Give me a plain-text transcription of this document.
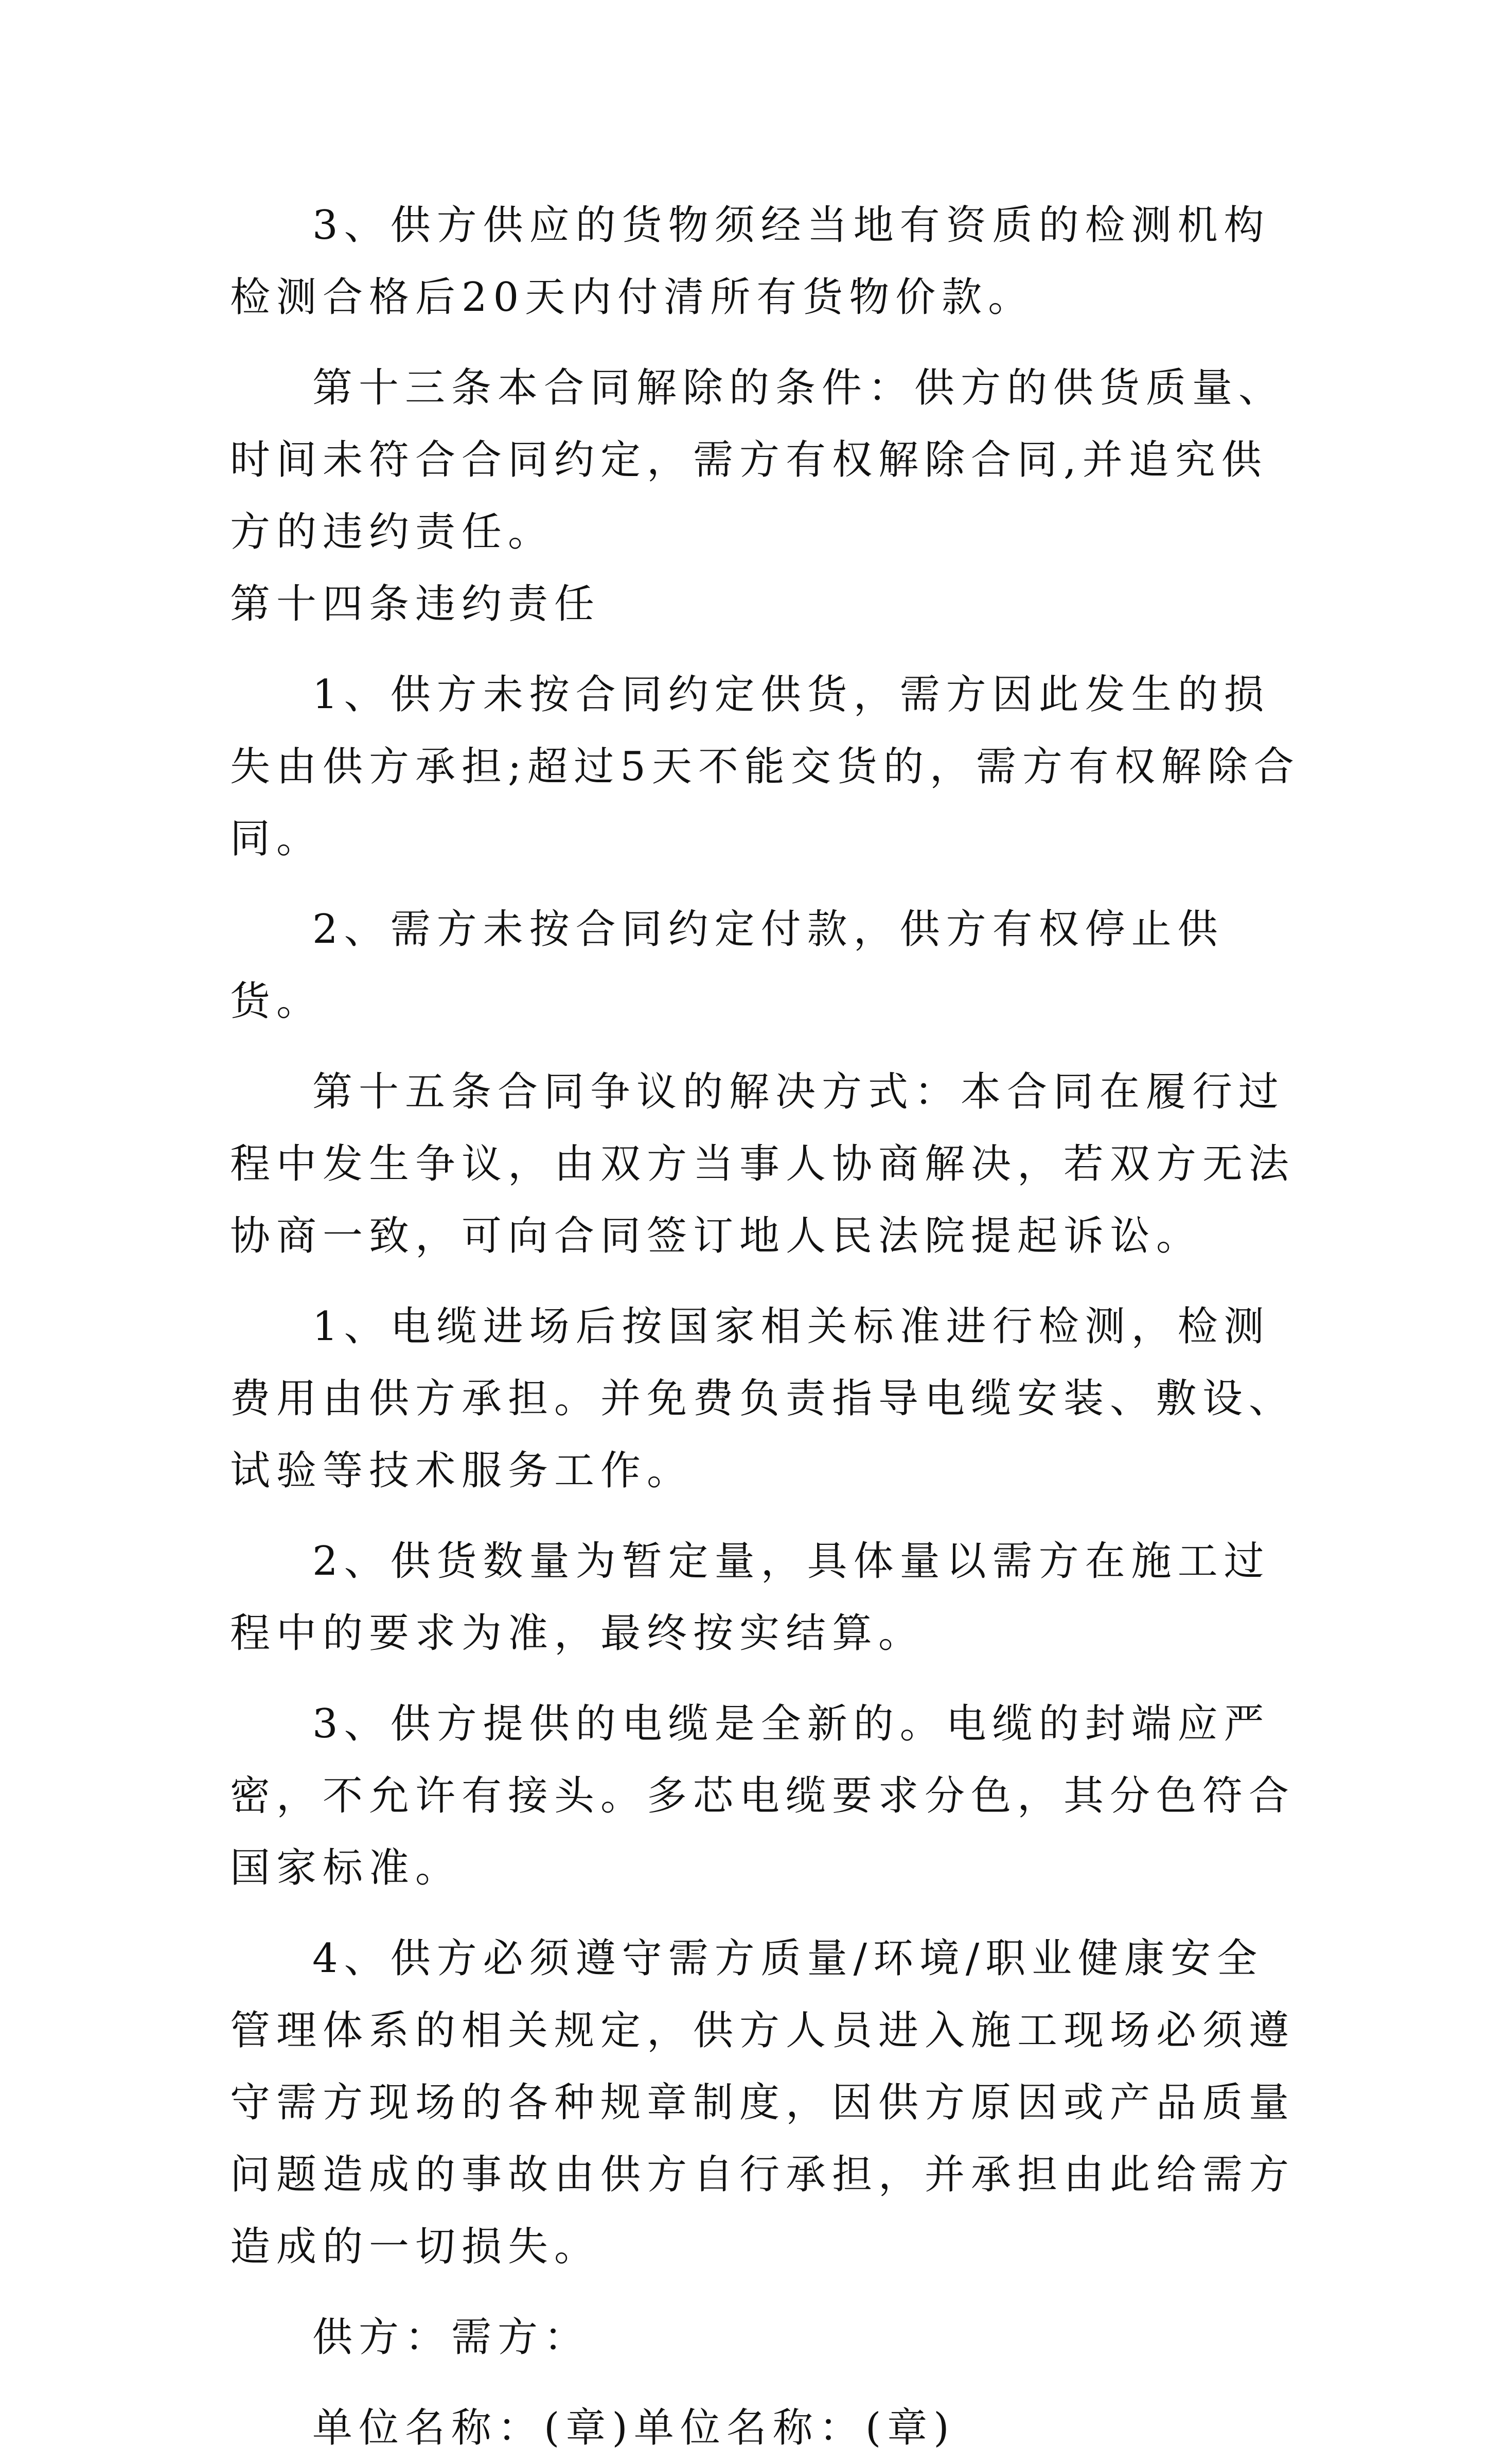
3、供方供应的货物须经当地有资质的检测机构检测合格后20天内付清所有货物价款。

第十三条本合同解除的条件：供方的供货质量、时间未符合合同约定，需方有权解除合同,并追究供方的违约责任。

第十四条违约责任

1、供方未按合同约定供货，需方因此发生的损失由供方承担;超过5天不能交货的，需方有权解除合同。

2、需方未按合同约定付款，供方有权停止供货。

第十五条合同争议的解决方式：本合同在履行过程中发生争议，由双方当事人协商解决，若双方无法协商一致，可向合同签订地人民法院提起诉讼。

1、电缆进场后按国家相关标准进行检测，检测费用由供方承担。并免费负责指导电缆安装、敷设、试验等技术服务工作。

2、供货数量为暂定量，具体量以需方在施工过程中的要求为准，最终按实结算。

3、供方提供的电缆是全新的。电缆的封端应严密，不允许有接头。多芯电缆要求分色，其分色符合国家标准。

4、供方必须遵守需方质量/环境/职业健康安全管理体系的相关规定，供方人员进入施工现场必须遵守需方现场的各种规章制度，因供方原因或产品质量问题造成的事故由供方自行承担，并承担由此给需方造成的一切损失。

供方：需方：

单位名称：(章)单位名称：(章)
